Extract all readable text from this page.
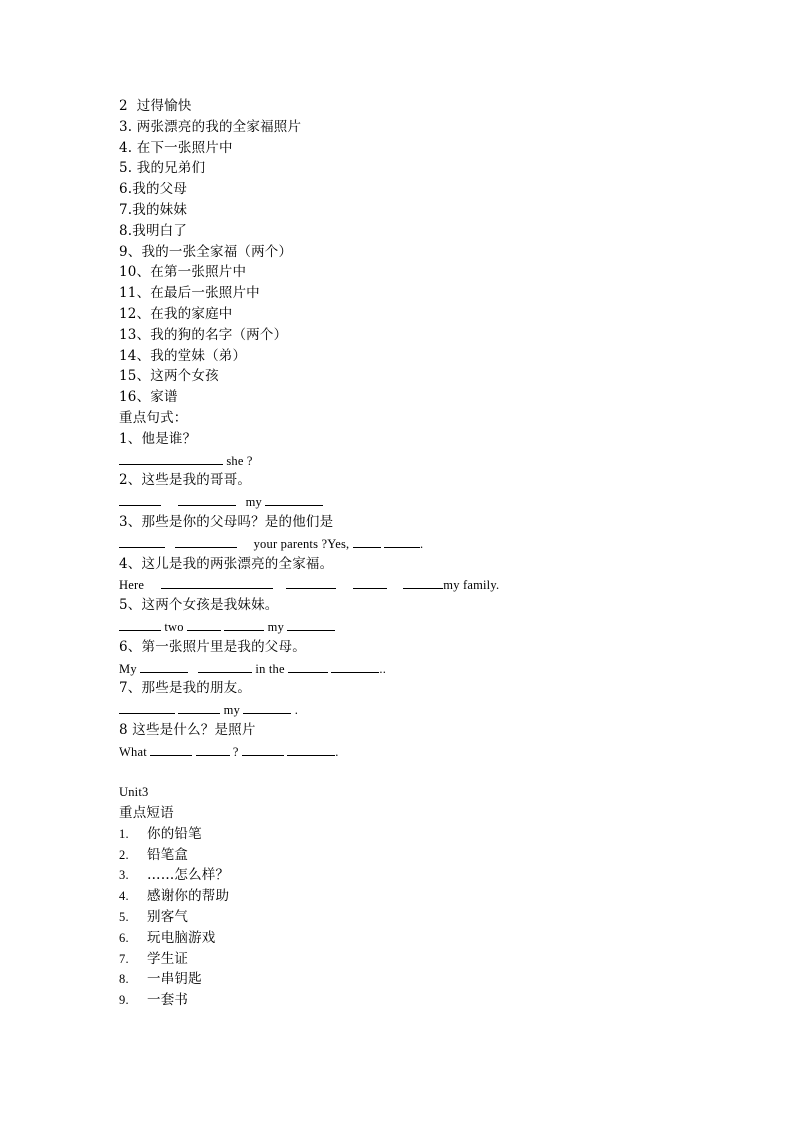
2  过得愉快
3. 两张漂亮的我的全家福照片
4. 在下一张照片中
5. 我的兄弟们
6.我的父母
7.我的妹妹
8.我明白了
9、我的一张全家福（两个）
10、在第一张照片中
11、在最后一张照片中
12、在我的家庭中
13、我的狗的名字（两个）
14、我的堂妹（弟）
15、这两个女孩
16、家谱
重点句式：
1、他是谁？
she ?
2、这些是我的哥哥。
my
3、那些是你的父母吗？是的他们是
your parents ?Yes,	.
4、这儿是我的两张漂亮的全家福。
Here	my family.
5、这两个女孩是我妹妹。
two	my
6、第一张照片里是我的父母。
My	in the	..
7、那些是我的朋友。
my	.
8 这些是什么？是照片
What	?	.
Unit3
重点短语
1. 你的铅笔
2. 铅笔盒
3. ……怎么样？
4. 感谢你的帮助
5. 别客气
6. 玩电脑游戏
7. 学生证
8. 一串钥匙
9. 一套书
